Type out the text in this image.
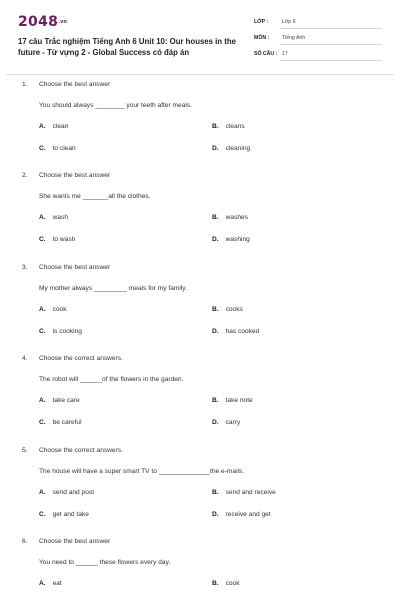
2048.vn
17 câu Trắc nghiệm Tiếng Anh 6 Unit 10: Our houses in the future - Từ vựng 2 - Global Success có đáp án
LỚP :	Lớp 6
MÔN : Tiếng Anh
SỐ CÂU : 17
1. Choose the best answer
You should always ________ your teeth after meals.
A. clean	B. cleans
C. to clean	D. cleaning
2. Choose the best answer
She wants me _______all the clothes.
A. wash	B. washes
C. to wash	D. washing
3. Choose the best answer
My mother always _________ meals for my family.
A. cook	B. cooks
C. is cooking	D. has cooked
4. Choose the correct answers.
The robot will ______of the flowers in the garden.
A. take care	B. take note
C. be careful	D. carry
5. Choose the correct answers.
The house will have a super smart TV to ______________the e-mails.
A. send and post	B. send and receive
C. get and take	D. receive and get
6. Choose the best answer
You need to ______ these flowers every day.
A. eat	B. cook
